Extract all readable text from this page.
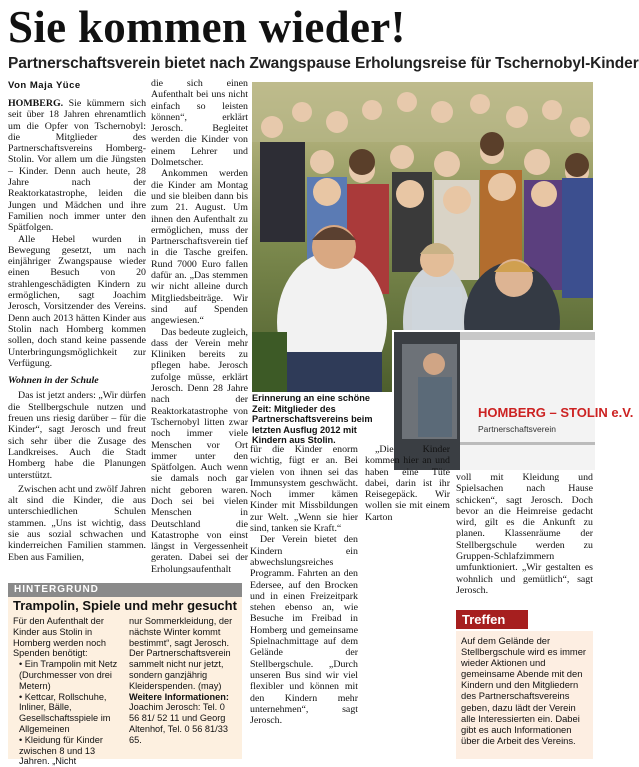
Sie kommen wieder!
Partnerschaftsverein bietet nach Zwangspause Erholungsreise für Tschernobyl-Kinder
Von Maja Yüce

HOMBERG. Sie kümmern sich seit über 18 Jahren ehrenamtlich um die Opfer von Tschernobyl: die Mitglieder des Partnerschaftsvereins Homberg-Stolin. Vor allem um die Jüngsten – Kinder. Denn auch heute, 28 Jahre nach der Reaktorkatastrophe, leiden die Jungen und Mädchen und ihre Familien noch immer unter den Spätfolgen.

Alle Hebel wurden in Bewegung gesetzt, um nach einjähriger Zwangspause wieder einen Besuch von 20 strahlengeschädigten Kindern zu ermöglichen, sagt Joachim Jerosch, Vorsitzender des Vereins. Denn auch 2013 hätten Kinder aus Stolin nach Homberg kommen sollen, doch stand keine passende Unterbringungsmöglichkeit zur Verfügung.

Wohnen in der Schule

Das ist jetzt anders: „Wir dürfen die Stellbergschule nutzen und freuen uns riesig darüber – für die Kinder“, sagt Jerosch und freut sich sehr über die Zusage des Landkreises. Auch die Stadt Homberg habe die Planungen unterstützt.

Zwischen acht und zwölf Jahren alt sind die Kinder, die aus unterschiedlichen Schulen stammen. „Uns ist wichtig, dass sie aus sozial schwachen und kinderreichen Familien stammen. Eben aus Familien,

die sich einen Aufenthalt bei uns nicht einfach so leisten können“, erklärt Jerosch. Begleitet werden die Kinder von einem Lehrer und Dolmetscher.

Ankommen werden die Kinder am Montag und sie bleiben dann bis zum 21. August. Um ihnen den Aufenthalt zu ermöglichen, muss der Partnerschaftsverein tief in die Tasche greifen. Rund 7000 Euro fallen dafür an. „Das stemmen wir nicht alleine durch Mitgliedsbeiträge. Wir sind auf Spenden angewiesen.“

Das bedeute zugleich, dass der Verein mehr Kliniken bereits zu pflegen habe. Jerosch zufolge müsse, erklärt Jerosch. Denn 28 Jahre nach der Reaktorkatastrophe von Tschernobyl litten zwar noch immer viele Menschen vor Ort immer unter den Spätfolgen. Auch wenn sie damals noch gar nicht geboren waren. Doch sei bei vielen Menschen in Deutschland die Katastrophe von einst längst in Vergessenheit geraten. Dabei sei der Erholungsaufenthalt

HOMBERG – STOLIN e.V.
Partnerschaftsverein
Erinnerung an eine schöne Zeit: Mitglieder des Partnerschaftsvereins beim letzten Ausflug 2012 mit Kindern aus Stolin.

für die Kinder enorm wichtig, fügt er an. Bei vielen von ihnen sei das Immunsystem geschwächt. Noch immer kämen Kinder mit Missbildungen zur Welt. „Wenn sie hier sind, tanken sie Kraft.“

Der Verein bietet den Kindern ein abwechslungsreiches Programm. Fahrten an den Edersee, auf den Brocken und in einen Freizeitpark stehen ebenso an, wie Besuche im Freibad in Homberg und gemeinsame Spielnachmittage auf dem Gelände der Stellbergschule. „Durch unseren Bus sind wir viel flexibler und können mit den Kindern mehr unternehmen“, sagt Jerosch.

„Die Kinder kommen hier an und haben eine Tüte dabei, darin ist ihr Reisegepäck. Wir wollen sie mit einem Karton

voll mit Kleidung und Spielsachen nach Hause schicken“, sagt Jerosch. Doch bevor an die Heimreise gedacht wird, gilt es die Ankunft zu planen. Klassenräume der Stellbergschule werden zu Gruppen-Schlafzimmern umfunktioniert. „Wir gestalten es wohnlich und gemütlich“, sagt Jerosch.

HINTERGRUND
Trampolin, Spiele und mehr gesucht

Für den Aufenthalt der Kinder aus Stolin in Homberg werden noch Spenden benötigt:

• Ein Trampolin mit Netz (Durchmesser von drei Metern)

• Kettcar, Rollschuhe, Inliner, Bälle, Gesellschaftsspiele im Allgemeinen

• Kleidung für Kinder zwischen 8 und 13 Jahren. „Nicht

nur Sommerkleidung, der nächste Winter kommt bestimmt“, sagt Jerosch. Der Partnerschaftsverein sammelt nicht nur jetzt, sondern ganzjährig Kleiderspenden. (may)

Weitere Informationen:

Joachim Jerosch: Tel. 0 56 81/ 52 11 und Georg Altenhof, Tel. 0 56 81/33 65.

Treffen
Auf dem Gelände der Stellbergschule wird es immer wieder Aktionen und gemeinsame Abende mit den Kindern und den Mitgliedern des Partnerschaftsvereins geben, dazu lädt der Verein alle Interessierten ein. Dabei gibt es auch Informationen über die Arbeit des Vereins.
